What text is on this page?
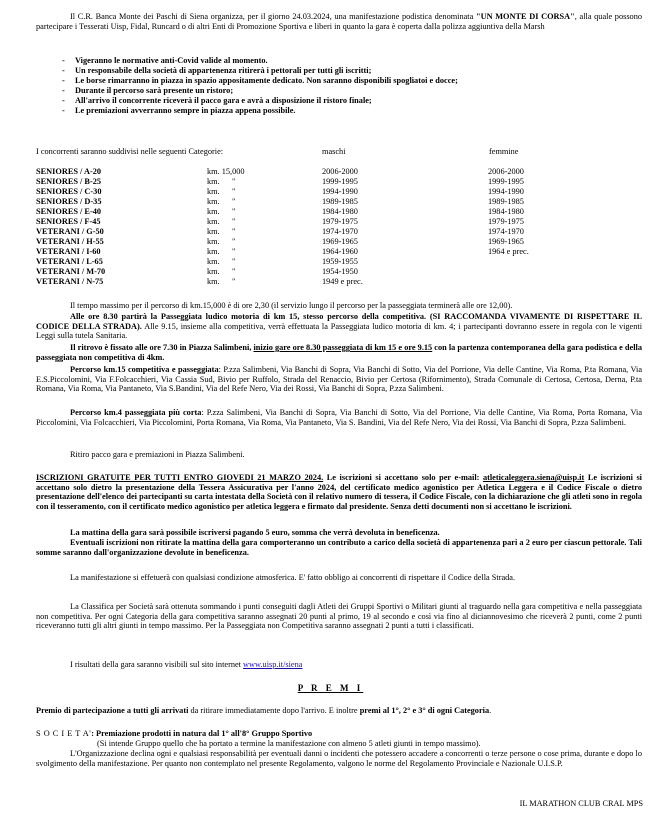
Il C.R. Banca Monte dei Paschi di Siena organizza, per il giorno 24.03.2024, una manifestazione podistica denominata "UN MONTE DI CORSA", alla quale possono partecipare i Tesserati Uisp, Fidal, Runcard o di altri Enti di Promozione Sportiva e liberi in quanto la gara è coperta dalla polizza aggiuntiva della Marsh
- Vigeranno le normative anti-Covid valide al momento.
- Un responsabile della società di appartenenza ritirerà i pettorali per tutti gli iscritti;
- Le borse rimarranno in piazza in spazio appositamente dedicato. Non saranno disponibili spogliatoi e docce;
- Durante il percorso sarà presente un ristoro;
- All'arrivo il concorrente riceverà il pacco gara e avrà a disposizione il ristoro finale;
- Le premiazioni avverranno sempre in piazza appena possibile.
I concorrenti saranno suddivisi nelle seguenti Categorie:	maschi	femmine
SENIORES / A-20	km. 15,000	2006-2000	2006-2000
SENIORES / B-25	km. "	1999-1995	1999-1995
SENIORES / C-30	km. "	1994-1990	1994-1990
SENIORES / D-35	km. "	1989-1985	1989-1985
SENIORES / E-40	km. "	1984-1980	1984-1980
SENIORES / F-45	km. "	1979-1975	1979-1975
VETERANI / G-50	km. "	1974-1970	1974-1970
VETERANI / H-55	km. "	1969-1965	1969-1965
VETERANI / I-60	km. "	1964-1960	1964 e prec.
VETERANI / L-65	km. "	1959-1955
VETERANI / M-70	km. "	1954-1950
VETERANI / N-75	km. "	1949 e prec.
Il tempo massimo per il percorso di km.15,000 è di ore 2,30 (il servizio lungo il percorso per la passeggiata terminerà alle ore 12,00).
Alle ore 8.30 partirà la Passeggiata ludico motoria di km 15, stesso percorso della competitiva. (SI RACCOMANDA VIVAMENTE DI RISPETTARE IL CODICE DELLA STRADA). Alle 9.15, insieme alla competitiva, verrà effettuata la Passeggiata ludico motoria di km. 4; i partecipanti dovranno essere in regola con le vigenti Leggi sulla tutela Sanitaria.
Il ritrovo è fissato alle ore 7.30 in Piazza Salimbeni, inizio gare ore 8.30 passeggiata di km 15 e ore 9.15 con la partenza contemporanea della gara podistica e della passeggiata non competitiva di 4km.
Percorso km.15 competitiva e passeggiata: P.zza Salimbeni, Via Banchi di Sopra, Via Banchi di Sotto, Via del Porrione, Via delle Cantine, Via Roma, P.ta Romana, Via E.S.Piccolomini, Via F.Folcacchieri, Via Cassia Sud, Bivio per Ruffolo, Strada del Renaccio, Bivio per Certosa (Rifornimento), Strada Comunale di Certosa, Certosa, Derna, P.ta Romana, Via Roma, Via Pantaneto, Via S.Bandini, Via del Refe Nero, Via dei Rossi, Via Banchi di Sopra, P.zza Salimbeni.
Percorso km.4 passeggiata più corta: P.zza Salimbeni, Via Banchi di Sopra, Via Banchi di Sotto, Via del Porrione, Via delle Cantine, Via Roma, Porta Romana, Via Piccolomini, Via Folcacchieri, Via Piccolomini, Porta Romana, Via Roma, Via Pantaneto, Via S. Bandini, Via del Refe Nero, Via dei Rossi, Via Banchi di Sopra, P.zza Salimbeni.
Ritiro pacco gara e premiazioni in Piazza Salimbeni.
ISCRIZIONI GRATUITE PER TUTTI ENTRO GIOVEDI 21 MARZO 2024. Le iscrizioni si accettano solo per e-mail: atleticaleggera.siena@uisp.it Le iscrizioni si accettano solo dietro la presentazione della Tessera Assicurativa per l'anno 2024, del certificato medico agonistico per Atletica Leggera e il Codice Fiscale o dietro presentazione dell'elenco dei partecipanti su carta intestata della Società con il relativo numero di tessera, il Codice Fiscale, con la dichiarazione che gli atleti sono in regola con il tesseramento, con il certificato medico agonistico per atletica leggera e firmato dal presidente. Senza detti documenti non si accettano le iscrizioni.
La mattina della gara sarà possibile iscriversi pagando 5 euro, somma che verrà devoluta in beneficenza.
Eventuali iscrizioni non ritirate la mattina della gara comporteranno un contributo a carico della società di appartenenza pari a 2 euro per ciascun pettorale. Tali somme saranno dall'organizzazione devolute in beneficenza.
La manifestazione si effetuerà con qualsiasi condizione atmosferica. E' fatto obbligo ai concorrenti di rispettare il Codice della Strada.
La Classifica per Società sarà ottenuta sommando i punti conseguiti dagli Atleti dei Gruppi Sportivi o Militari giunti al traguardo nella gara competitiva e nella passeggiata non competitiva. Per ogni Categoria della gara competitiva saranno assegnati 20 punti al primo, 19 al secondo e così via fino al diciannovesimo che riceverà 2 punti, come 2 punti riceveranno tutti gli altri giunti in tempo massimo. Per la Passeggiata non Competitiva saranno assegnati 2 punti a tutti i classificati.
I risultati della gara saranno visibili sul sito internet www.uisp.it/siena
P R E M I
Premio di partecipazione a tutti gli arrivati da ritirare immediatamente dopo l'arrivo. E inoltre premi al 1°, 2° e 3° di ogni Categoria.
S O C I E T A': Premiazione prodotti in natura dal 1° all'8° Gruppo Sportivo
(Si intende Gruppo quello che ha portato a termine la manifestazione con almeno 5 atleti giunti in tempo massimo).
L'Organizzazione declina ogni e qualsiasi responsabilità per eventuali danni o incidenti che potessero accadere a concorrenti o terze persone o cose prima, durante e dopo lo svolgimento della manifestazione. Per quanto non contemplato nel presente Regolamento, valgono le norme del Regolamento Provinciale e Nazionale U.I.S.P.
IL MARATHON CLUB CRAL MPS
